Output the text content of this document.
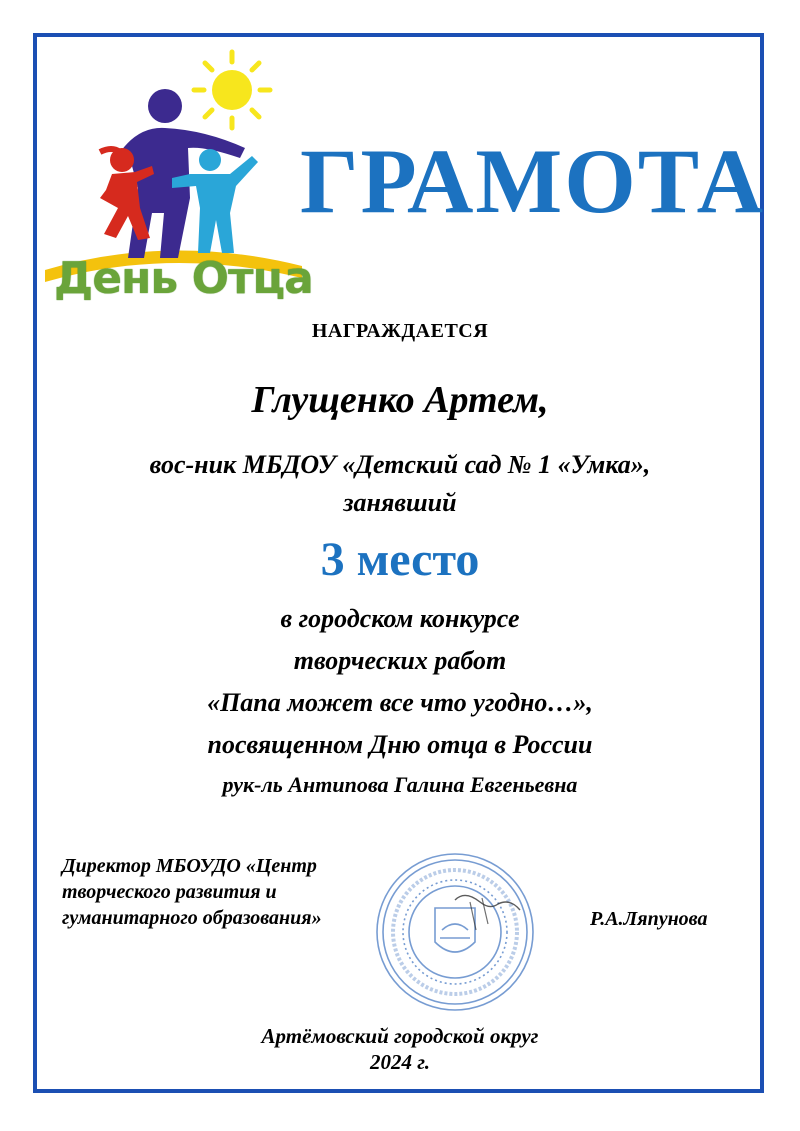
День Отца
ГРАМОТА
НАГРАЖДАЕТСЯ
Глущенко Артем,
вос-ник МБДОУ «Детский сад № 1 «Умка»,
занявший
3 место
в городском конкурсе
творческих работ
«Папа может все что угодно…»,
посвященном Дню отца в России
рук-ль Антипова Галина Евгеньевна
Директор МБОУДО «Центр
творческого развития и
гуманитарного образования»	Р.А.Ляпунова
Артёмовский городской округ
2024 г.
